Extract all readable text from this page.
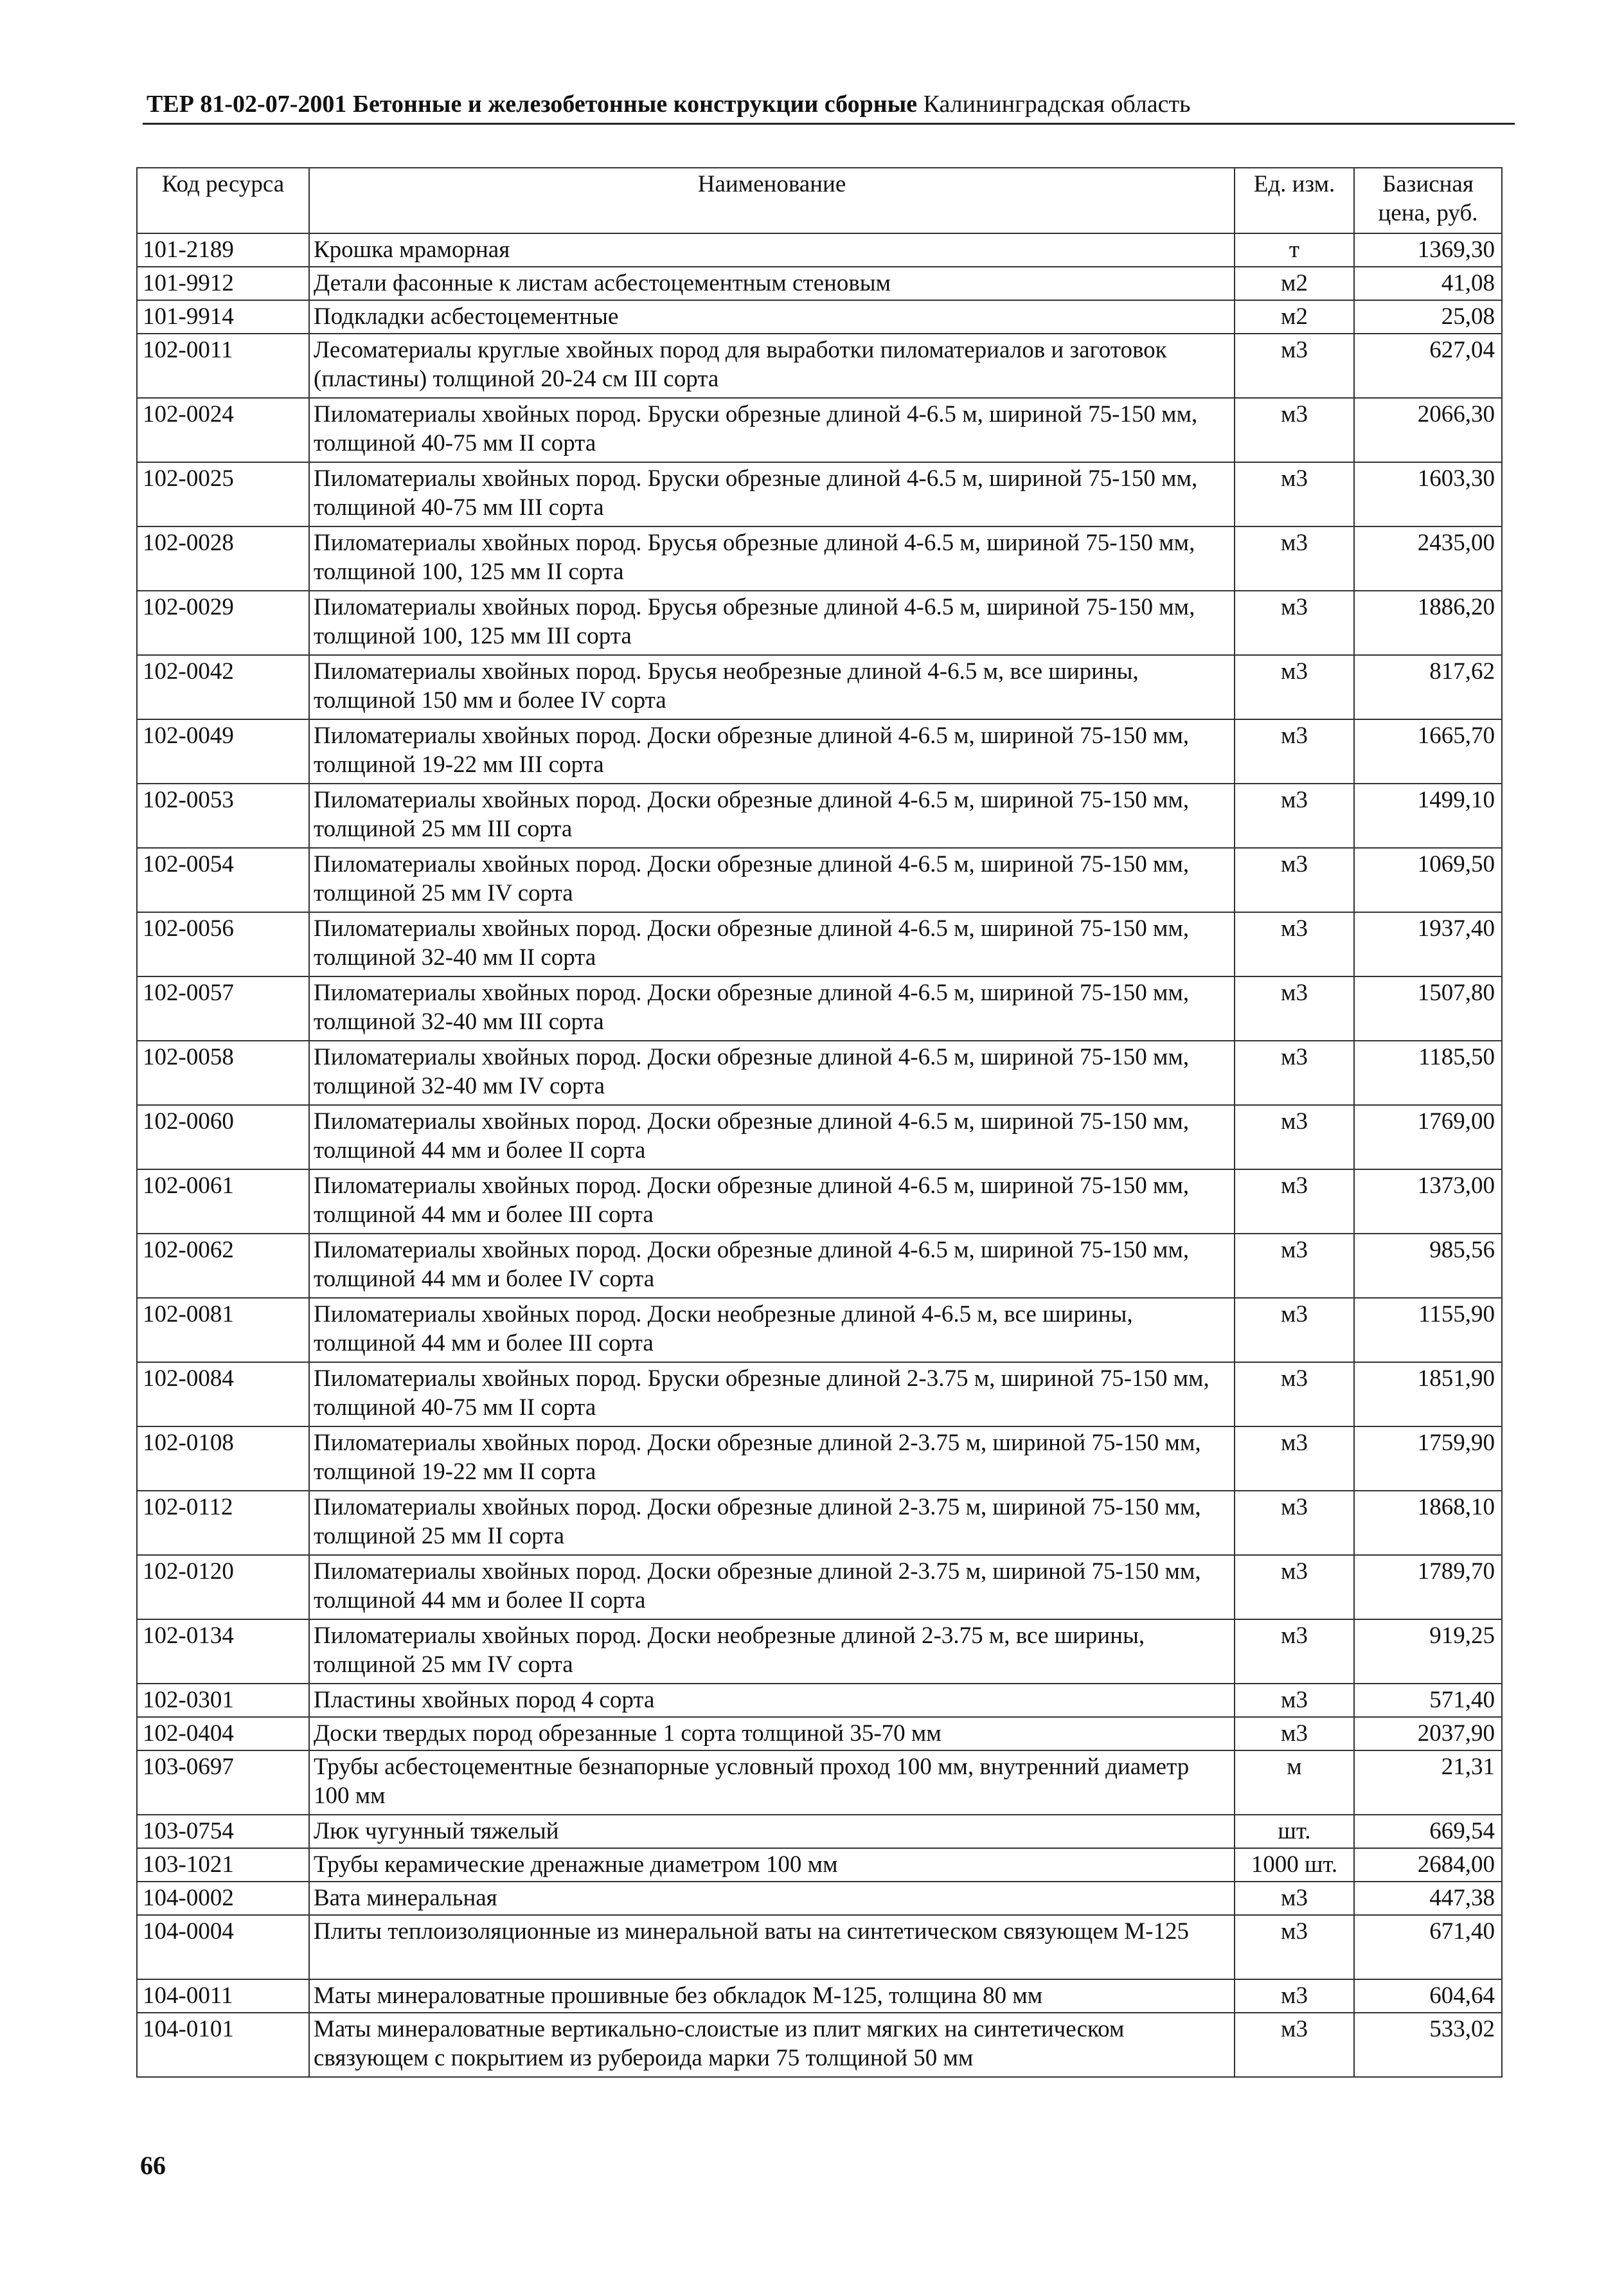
ТЕР 81-02-07-2001 Бетонные и железобетонные конструкции сборные Калининградская область
Код ресурса	Наименование	Ед. изм.	Базисная
цена, руб.
101-2189	Крошка мраморная	т	1369,30
101-9912	Детали фасонные к листам асбестоцементным стеновым	м2	41,08
101-9914	Подкладки асбестоцементные	м2	25,08
102-0011	Лесоматериалы круглые хвойных пород для выработки пиломатериалов и заготовок (пластины) толщиной 20-24 см III сорта	м3	627,04
102-0024	Пиломатериалы хвойных пород. Бруски обрезные длиной 4-6.5 м, шириной 75-150 мм, толщиной 40-75 мм II сорта	м3	2066,30
102-0025	Пиломатериалы хвойных пород. Бруски обрезные длиной 4-6.5 м, шириной 75-150 мм, толщиной 40-75 мм III сорта	м3	1603,30
102-0028	Пиломатериалы хвойных пород. Брусья обрезные длиной 4-6.5 м, шириной 75-150 мм, толщиной 100, 125 мм II сорта	м3	2435,00
102-0029	Пиломатериалы хвойных пород. Брусья обрезные длиной 4-6.5 м, шириной 75-150 мм, толщиной 100, 125 мм III сорта	м3	1886,20
102-0042	Пиломатериалы хвойных пород. Брусья необрезные длиной 4-6.5 м, все ширины, толщиной 150 мм и более IV сорта	м3	817,62
102-0049	Пиломатериалы хвойных пород. Доски обрезные длиной 4-6.5 м, шириной 75-150 мм, толщиной 19-22 мм III сорта	м3	1665,70
102-0053	Пиломатериалы хвойных пород. Доски обрезные длиной 4-6.5 м, шириной 75-150 мм, толщиной 25 мм III сорта	м3	1499,10
102-0054	Пиломатериалы хвойных пород. Доски обрезные длиной 4-6.5 м, шириной 75-150 мм, толщиной 25 мм IV сорта	м3	1069,50
102-0056	Пиломатериалы хвойных пород. Доски обрезные длиной 4-6.5 м, шириной 75-150 мм, толщиной 32-40 мм II сорта	м3	1937,40
102-0057	Пиломатериалы хвойных пород. Доски обрезные длиной 4-6.5 м, шириной 75-150 мм, толщиной 32-40 мм III сорта	м3	1507,80
102-0058	Пиломатериалы хвойных пород. Доски обрезные длиной 4-6.5 м, шириной 75-150 мм, толщиной 32-40 мм IV сорта	м3	1185,50
102-0060	Пиломатериалы хвойных пород. Доски обрезные длиной 4-6.5 м, шириной 75-150 мм, толщиной 44 мм и более II сорта	м3	1769,00
102-0061	Пиломатериалы хвойных пород. Доски обрезные длиной 4-6.5 м, шириной 75-150 мм, толщиной 44 мм и более III сорта	м3	1373,00
102-0062	Пиломатериалы хвойных пород. Доски обрезные длиной 4-6.5 м, шириной 75-150 мм, толщиной 44 мм и более IV сорта	м3	985,56
102-0081	Пиломатериалы хвойных пород. Доски необрезные длиной 4-6.5 м, все ширины, толщиной 44 мм и более III сорта	м3	1155,90
102-0084	Пиломатериалы хвойных пород. Бруски обрезные длиной 2-3.75 м, шириной 75-150 мм, толщиной 40-75 мм II сорта	м3	1851,90
102-0108	Пиломатериалы хвойных пород. Доски обрезные длиной 2-3.75 м, шириной 75-150 мм, толщиной 19-22 мм II сорта	м3	1759,90
102-0112	Пиломатериалы хвойных пород. Доски обрезные длиной 2-3.75 м, шириной 75-150 мм, толщиной 25 мм II сорта	м3	1868,10
102-0120	Пиломатериалы хвойных пород. Доски обрезные длиной 2-3.75 м, шириной 75-150 мм, толщиной 44 мм и более II сорта	м3	1789,70
102-0134	Пиломатериалы хвойных пород. Доски необрезные длиной 2-3.75 м, все ширины, толщиной 25 мм IV сорта	м3	919,25
102-0301	Пластины хвойных пород 4 сорта	м3	571,40
102-0404	Доски твердых пород обрезанные 1 сорта толщиной 35-70 мм	м3	2037,90
103-0697	Трубы асбестоцементные безнапорные условный проход 100 мм, внутренний диаметр 100 мм	м	21,31
103-0754	Люк чугунный тяжелый	шт.	669,54
103-1021	Трубы керамические дренажные диаметром 100 мм	1000 шт.	2684,00
104-0002	Вата минеральная	м3	447,38
104-0004	Плиты теплоизоляционные из минеральной ваты на синтетическом связующем М-125	м3	671,40
104-0011	Маты минераловатные прошивные без обкладок М-125, толщина 80 мм	м3	604,64
104-0101	Маты минераловатные вертикально-слоистые из плит мягких на синтетическом связующем с покрытием из рубероида марки 75 толщиной 50 мм	м3	533,02
66
